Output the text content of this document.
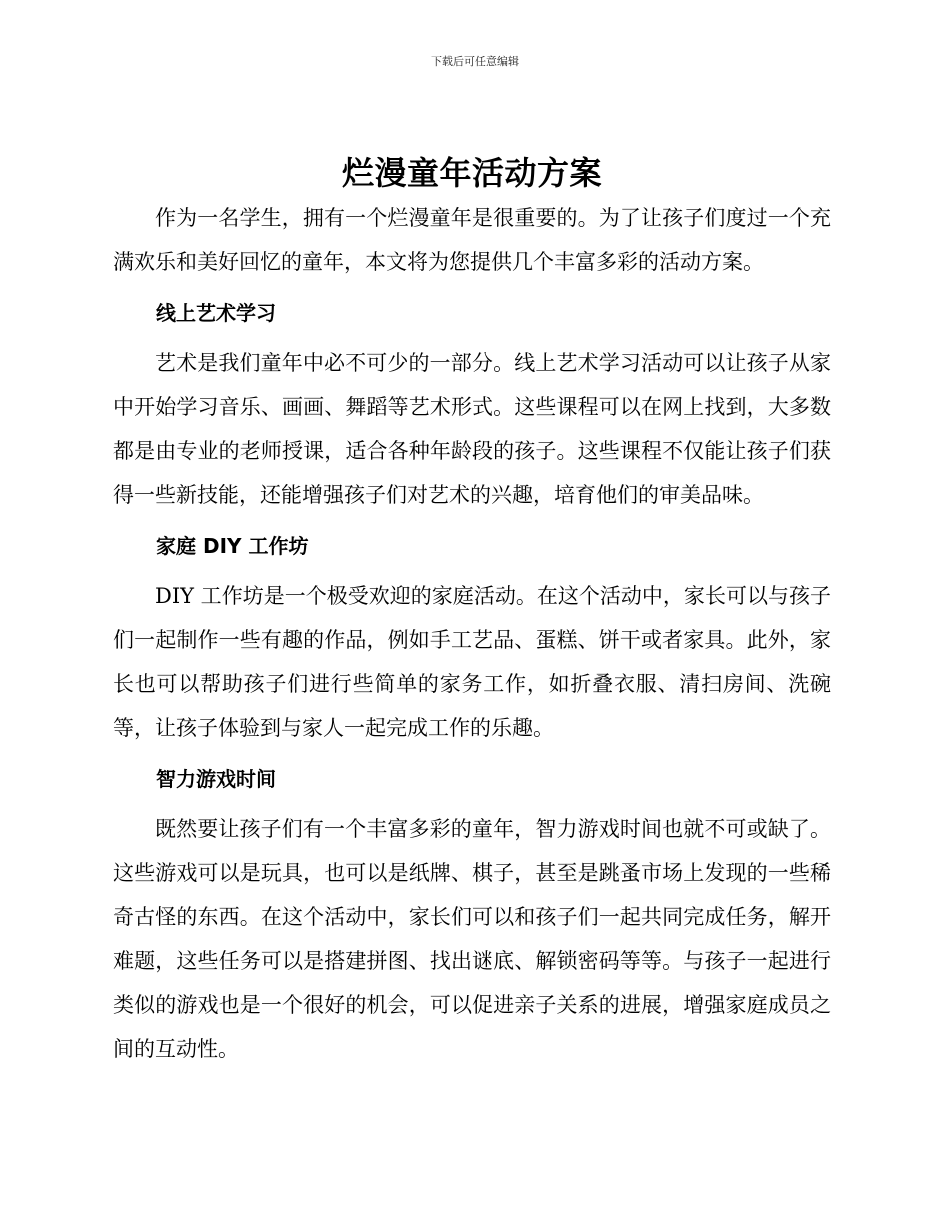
下载后可任意编辑
烂漫童年活动方案

作为一名学生，拥有一个烂漫童年是很重要的。为了让孩子们度过一个充满欢乐和美好回忆的童年，本文将为您提供几个丰富多彩的活动方案。

线上艺术学习

艺术是我们童年中必不可少的一部分。线上艺术学习活动可以让孩子从家中开始学习音乐、画画、舞蹈等艺术形式。这些课程可以在网上找到，大多数都是由专业的老师授课，适合各种年龄段的孩子。这些课程不仅能让孩子们获得一些新技能，还能增强孩子们对艺术的兴趣，培育他们的审美品味。

家庭 DIY 工作坊

DIY 工作坊是一个极受欢迎的家庭活动。在这个活动中，家长可以与孩子们一起制作一些有趣的作品，例如手工艺品、蛋糕、饼干或者家具。此外，家长也可以帮助孩子们进行些简单的家务工作，如折叠衣服、清扫房间、洗碗等，让孩子体验到与家人一起完成工作的乐趣。

智力游戏时间

既然要让孩子们有一个丰富多彩的童年，智力游戏时间也就不可或缺了。这些游戏可以是玩具，也可以是纸牌、棋子，甚至是跳蚤市场上发现的一些稀奇古怪的东西。在这个活动中，家长们可以和孩子们一起共同完成任务，解开难题，这些任务可以是搭建拼图、找出谜底、解锁密码等等。与孩子一起进行类似的游戏也是一个很好的机会，可以促进亲子关系的进展，增强家庭成员之间的互动性。
